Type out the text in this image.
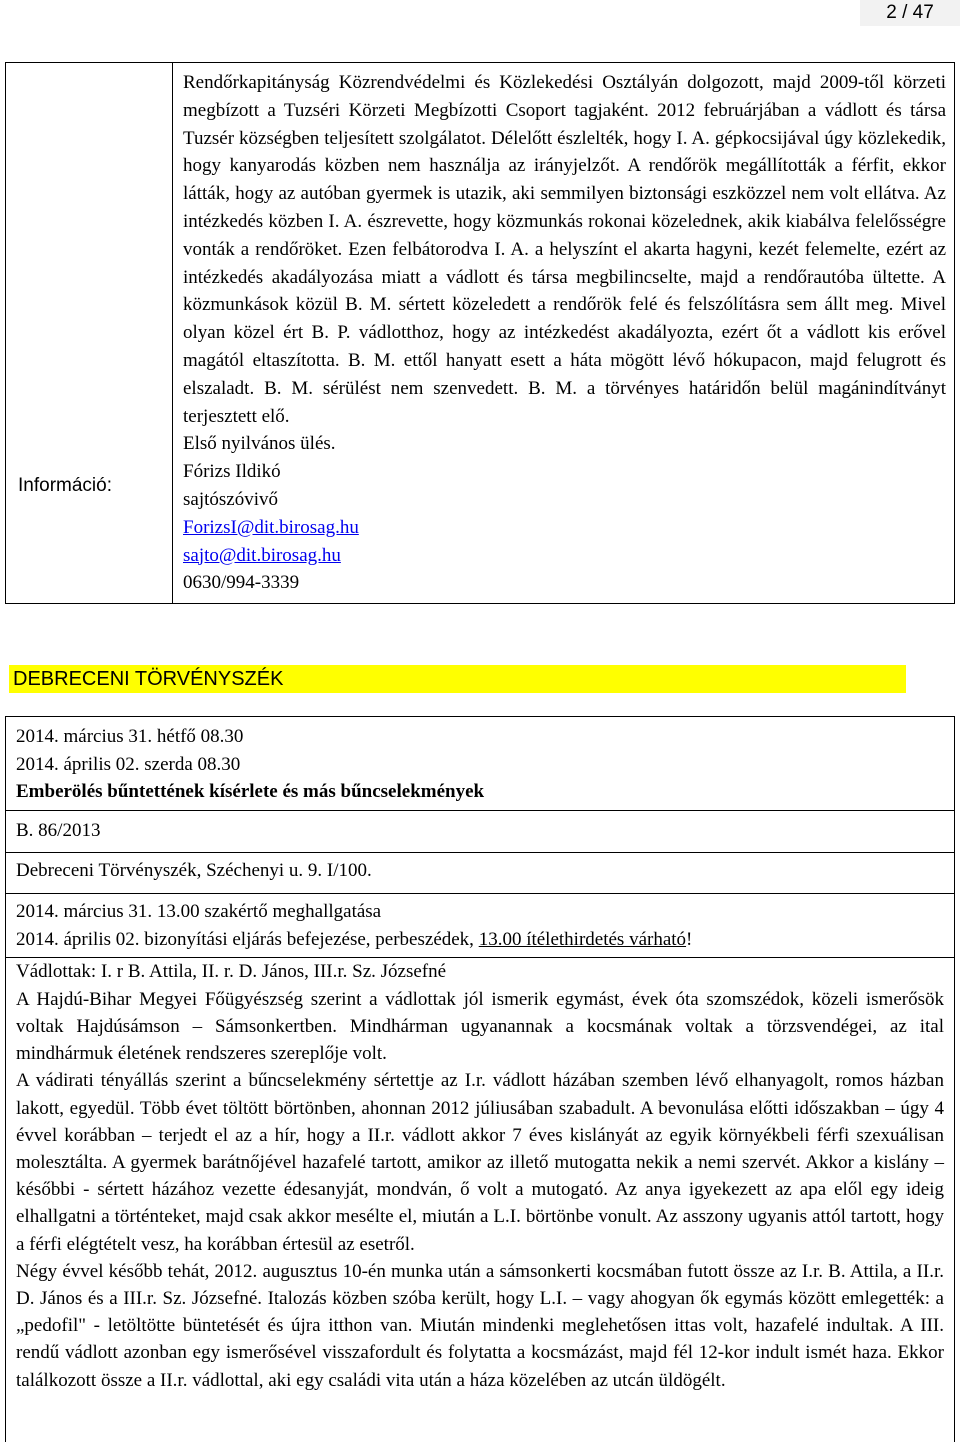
2 / 47
Információ:	

Rendőrkapitányság Közrendvédelmi és Közlekedési Osztályán dolgozott, majd 2009-től körzeti megbízott a Tuzséri Körzeti Megbízotti Csoport tagjaként. 2012 februárjában a vádlott és társa Tuzsér községben teljesített szolgálatot. Délelőtt észlelték, hogy I. A. gépkocsijával úgy közlekedik, hogy kanyarodás közben nem használja az irányjelzőt. A rendőrök megállították a férfit, ekkor látták, hogy az autóban gyermek is utazik, aki semmilyen biztonsági eszközzel nem volt ellátva. Az intézkedés közben I. A. észrevette, hogy közmunkás rokonai közelednek, akik kiabálva felelősségre vonták a rendőröket. Ezen felbátorodva I. A. a helyszínt el akarta hagyni, kezét felemelte, ezért az intézkedés akadályozása miatt a vádlott és társa megbilincselte, majd a rendőrautóba ültette. A közmunkások közül B. M. sértett közeledett a rendőrök felé és felszólításra sem állt meg. Mivel olyan közel ért B. P. vádlotthoz, hogy az intézkedést akadályozta, ezért őt a vádlott kis erővel magától eltaszította. B. M. ettől hanyatt esett a háta mögött lévő hókupacon, majd felugrott és elszaladt. B. M. sérülést nem szenvedett. B. M. a törvényes határidőn belül magánindítványt terjesztett elő.

Első nyilvános ülés.
Fórizs Ildikó
sajtószóvivő
ForizsI@dit.birosag.hu
sajto@dit.birosag.hu
0630/994-3339
DEBRECENI TÖRVÉNYSZÉK
2014. március 31. hétfő 08.30
2014. április 02. szerda 08.30
Emberölés bűntettének kísérlete és más bűncselekmények
B. 86/2013
Debreceni Törvényszék, Széchenyi u. 9. I/100.
2014. március 31. 13.00 szakértő meghallgatása
2014. április 02. bizonyítási eljárás befejezése, perbeszédek, 13.00 ítélethirdetés várható!
Vádlottak: I. r B. Attila, II. r. D. János, III.r. Sz. Józsefné

A Hajdú-Bihar Megyei Főügyészség szerint a vádlottak jól ismerik egymást, évek óta szomszédok, közeli ismerősök voltak Hajdúsámson – Sámsonkertben. Mindhárman ugyanannak a kocsmának voltak a törzsvendégei, az ital mindhármuk életének rendszeres szereplője volt.

A vádirati tényállás szerint a bűncselekmény sértettje az I.r. vádlott házában szemben lévő elhanyagolt, romos házban lakott, egyedül. Több évet töltött börtönben, ahonnan 2012 júliusában szabadult. A bevonulása előtti időszakban – úgy 4 évvel korábban – terjedt el az a hír, hogy a II.r. vádlott akkor 7 éves kislányát az egyik környékbeli férfi szexuálisan molesztálta. A gyermek barátnőjével hazafelé tartott, amikor az illető mutogatta nekik a nemi szervét. Akkor a kislány – későbbi - sértett házához vezette édesanyját, mondván, ő volt a mutogató. Az anya igyekezett az apa elől egy ideig elhallgatni a történteket, majd csak akkor mesélte el, miután a L.I. börtönbe vonult. Az asszony ugyanis attól tartott, hogy a férfi elégtételt vesz, ha korábban értesül az esetről.

Négy évvel később tehát, 2012. augusztus 10-én munka után a sámsonkerti kocsmában futott össze az I.r. B. Attila, a II.r. D. János és a III.r. Sz. Józsefné. Italozás közben szóba került, hogy L.I. – vagy ahogyan ők egymás között emlegették: a „pedofil" - letöltötte büntetését és újra itthon van. Miután mindenki meglehetősen ittas volt, hazafelé indultak. A III. rendű vádlott azonban egy ismerősével visszafordult és folytatta a kocsmázást, majd fél 12-kor indult ismét haza. Ekkor találkozott össze a II.r. vádlottal, aki egy családi vita után a háza közelében az utcán üldögélt.
